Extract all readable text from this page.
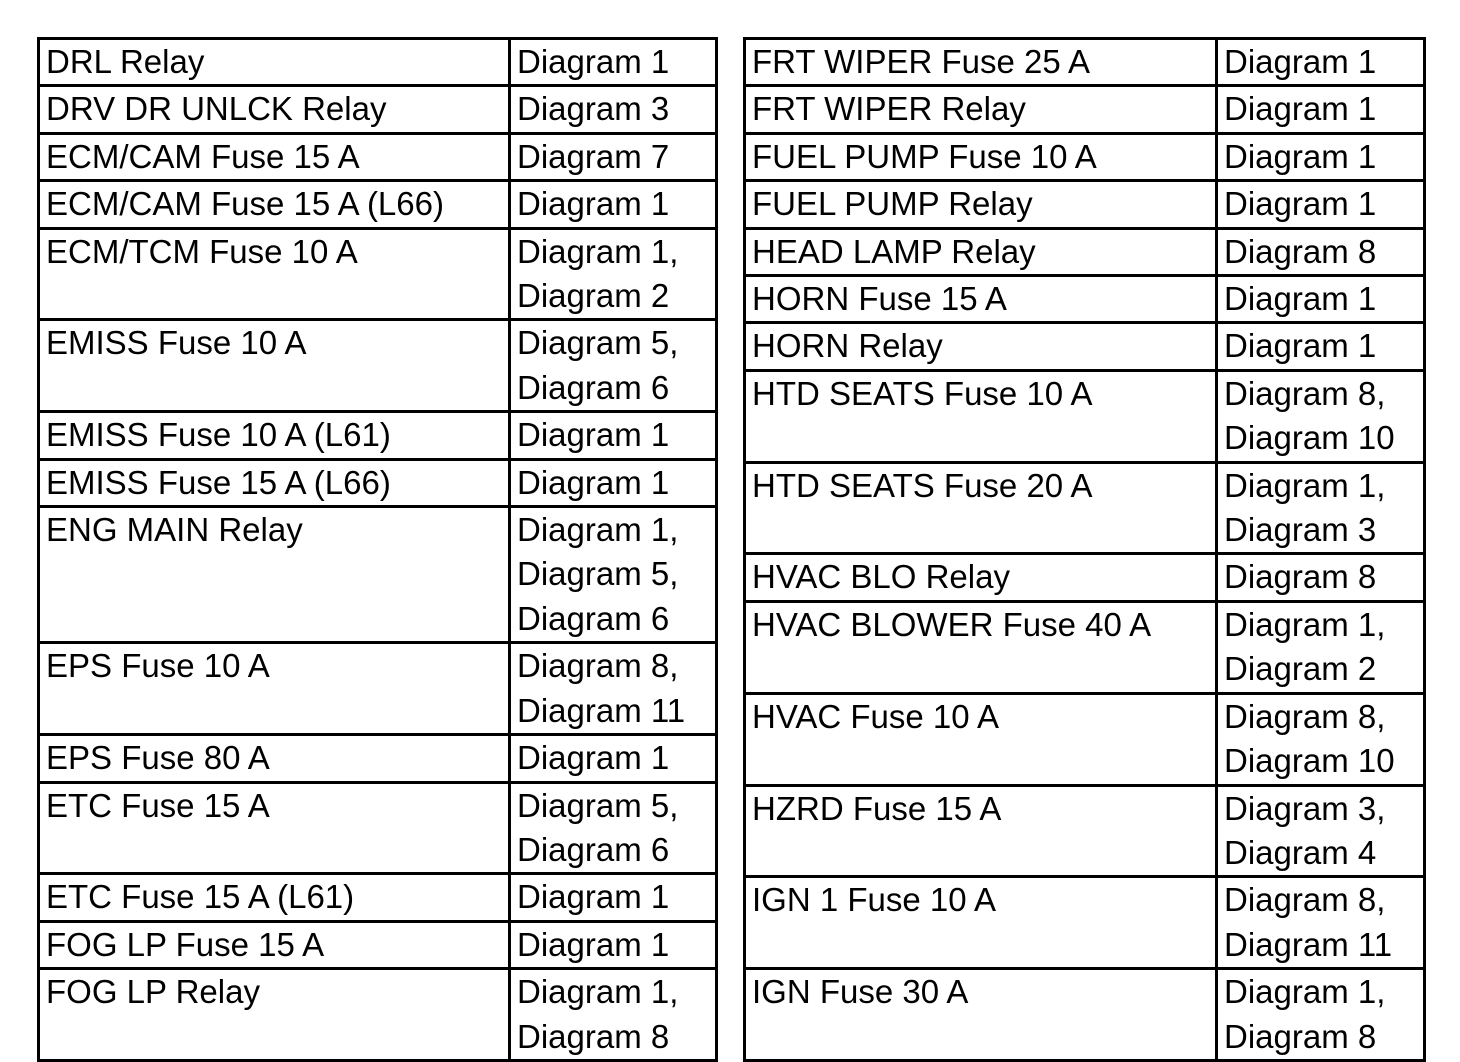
DRL Relay	Diagram 1
DRV DR UNLCK Relay	Diagram 3
ECM/CAM Fuse 15 A	Diagram 7
ECM/CAM Fuse 15 A (L66)	Diagram 1
ECM/TCM Fuse 10 A	Diagram 1,
Diagram 2
EMISS Fuse 10 A	Diagram 5,
Diagram 6
EMISS Fuse 10 A (L61)	Diagram 1
EMISS Fuse 15 A (L66)	Diagram 1
ENG MAIN Relay	Diagram 1,
Diagram 5,
Diagram 6
EPS Fuse 10 A	Diagram 8,
Diagram 11
EPS Fuse 80 A	Diagram 1
ETC Fuse 15 A	Diagram 5,
Diagram 6
ETC Fuse 15 A (L61)	Diagram 1
FOG LP Fuse 15 A	Diagram 1
FOG LP Relay	Diagram 1,
Diagram 8
FRT WIPER Fuse 25 A	Diagram 1
FRT WIPER Relay	Diagram 1
FUEL PUMP Fuse 10 A	Diagram 1
FUEL PUMP Relay	Diagram 1
HEAD LAMP Relay	Diagram 8
HORN Fuse 15 A	Diagram 1
HORN Relay	Diagram 1
HTD SEATS Fuse 10 A	Diagram 8,
Diagram 10
HTD SEATS Fuse 20 A	Diagram 1,
Diagram 3
HVAC BLO Relay	Diagram 8
HVAC BLOWER Fuse 40 A	Diagram 1,
Diagram 2
HVAC Fuse 10 A	Diagram 8,
Diagram 10
HZRD Fuse 15 A	Diagram 3,
Diagram 4
IGN 1 Fuse 10 A	Diagram 8,
Diagram 11
IGN Fuse 30 A	Diagram 1,
Diagram 8
